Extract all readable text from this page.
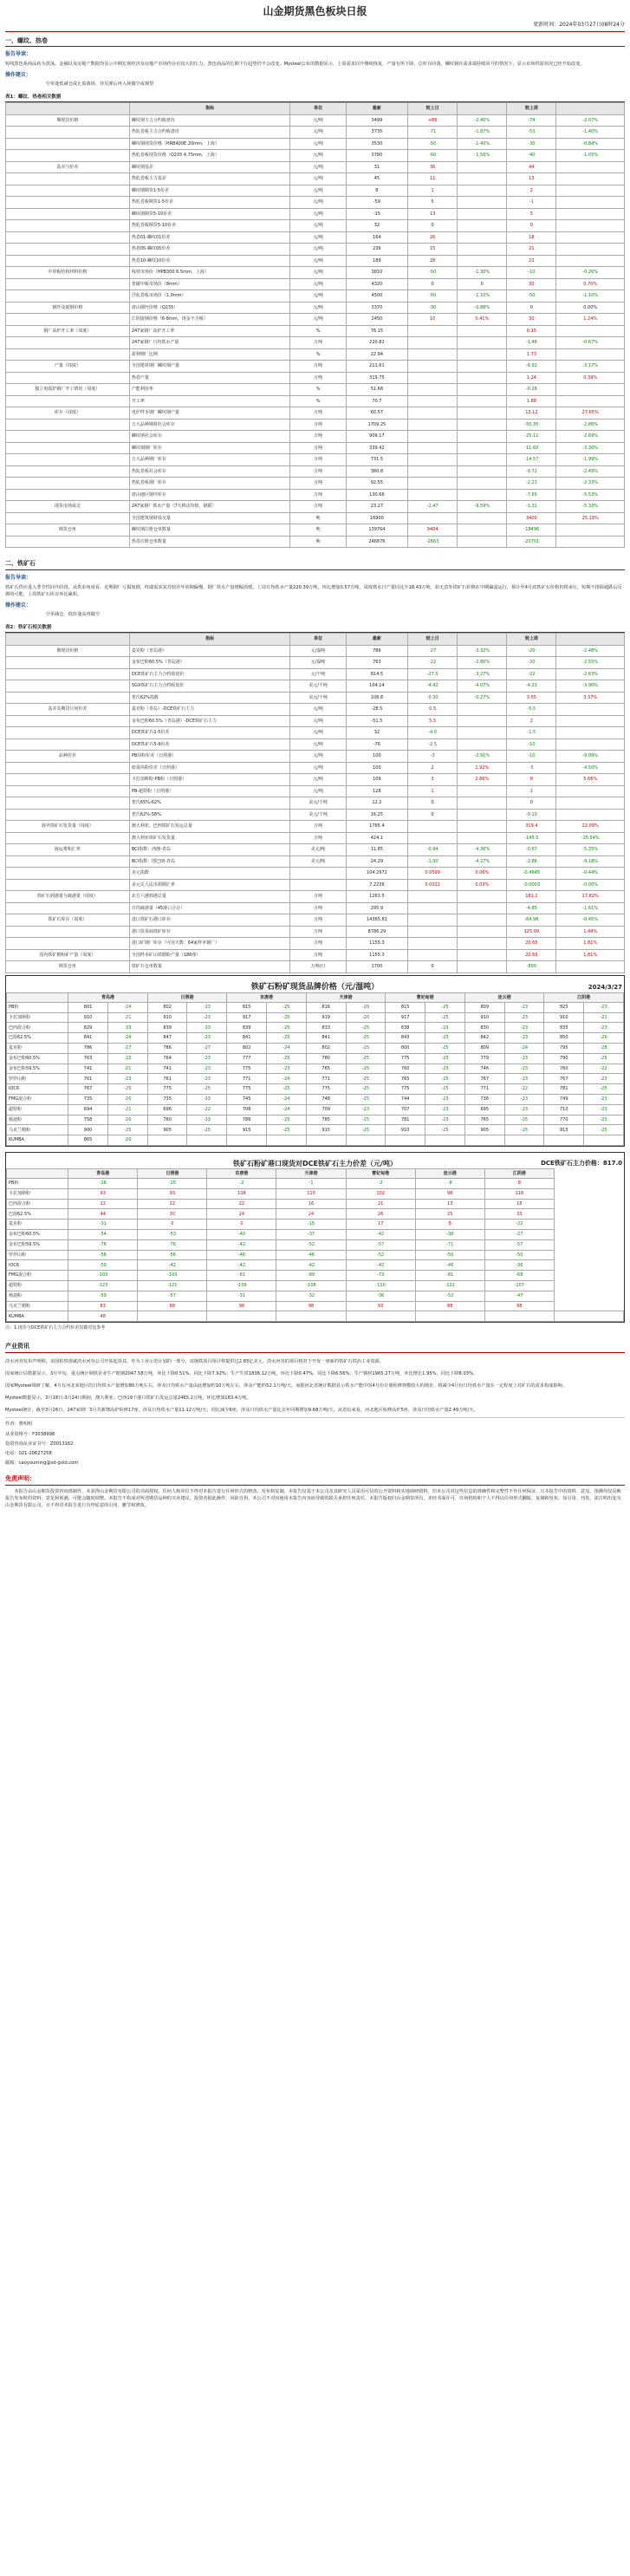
山金期货黑色板块日报
更新时间：2024年03月27日08时24分
一、螺纹、热卷
报告导读：
短线黑色系商品转为震荡。金融以及房地产数据均显示中期宏观经济及房地产市场仍存在较大的压力，黑色商品的长期下行趋势仍不会改变。Mysteel公布的数据显示，上周需求回升继续恢复，产量有所下降，总库存回落。螺纹钢在需求端持续回升的情况下，显示市场供需状况已经开始改变。
操作建议：
空单逢低减仓或止盈离场，待反弹后再入场做空或观望
表1：螺纹、热卷相关数据
	指标	单位	最新	较上日		较上周	
期现货价格	螺纹钢主力合约收盘价	元/吨	3499	+86	-2.40%	-74	-2.07%
	热轧卷板主力合约收盘价	元/吨	3735	-71	-1.87%	-53	-1.40%
	螺纹钢现货价格（HRB400E 20mm，上海）	元/吨	3530	-50	-1.40%	-30	-0.84%
	热轧卷板现货价格（Q235 4.75mm，上海）	元/吨	3780	-60	-1.56%	-40	-1.05%
基差与价差	螺纹钢基差	元/吨	31	36		44	
	热轧卷板主力基差	元/吨	45	11		13	
	螺纹钢期货1-5价差	元/吨	8	1		2	
	热轧卷板期货1-5价差	元/吨	-59	5		-1	
	螺纹钢期货5-10价差	元/吨	-15	13		5	
	热轧卷板期货5-10价差	元/吨	32	0		0	
	热卷01-螺纹01价差	元/吨	164	26		18	
	热卷05-螺纹05价差	元/吨	236	15		21	
	热卷10-螺纹10价差	元/吨	189	28		22	
中厚板结构材料价格	线材市场价（HPB300 6.5mm，上海）	元/吨	3810	-50	-1.30%	-10	-0.26%
	普碳中板市场价（8mm）	元/吨	4320	0	0	30	0.70%
	冷轧卷板市场价（1.0mm）	元/吨	4500	-50	-1.10%	-50	-1.10%
钢坯及废钢价格	唐山钢坯价格（Q235）	元/吨	3370	-30	-0.88%	0	0.00%
	江阴废钢价格（6-8mm，现金不含税）	元/吨	2450	10	0.41%	30	1.24%
钢厂高炉开工率（周度）	247家钢厂高炉开工率	%	76.15			0.15	
	247家钢厂日均铁水产量	万吨	220.82			-1.48	-0.67%
	盈利钢厂比例	%	22.94			1.73	
产量（周度）	全国建材钢厂螺纹钢产量	万吨	211.61			-6.92	-3.17%
	热卷产量	万吨	319.75			1.24	0.39%
独立电弧炉钢厂开工情况（周度）	产能利用率	%	51.68			-0.28	
	开工率	%	70.7			1.88	
库存（周度）	电炉样本钢厂螺纹钢产量	万吨	60.57			13.12	27.65%
	五大品种钢材社会库存	万吨	1709.25			-50.35	-2.86%
	螺纹钢社会库存	万吨	909.17			-25.11	-2.69%
	螺纹钢钢厂库存	万吨	339.42			-11.60	-3.30%
	五大品种钢厂库存	万吨	731.5			-14.57	-1.99%
	热轧卷板社会库存	万吨	380.8			-9.72	-2.49%
	热轧卷板钢厂库存	万吨	92.55			-2.21	-2.33%
	唐山地区钢坯库存	万吨	130.66			-7.65	-5.53%
现货市场成交	247家钢厂铁水产量（7天移动均值，钢联）	万吨	23.27	-2.47	-9.59%	-1.31	-5.33%
	全国建筑钢材成交量	吨	16900			3400	25.19%
期货仓单	螺纹钢注册仓单数量	吨	139764	9404		-18496	
	热卷注册仓单数量	吨	246876	-2663		-20701	
二、铁矿石
报告导读：
铁矿石供应进入季节性回升阶段。从供求角度看，近期钢厂亏损加剧，终端需求复苏较往年同期偏慢，钢厂铁水产量增幅放缓。上周日均铁水产量220.39万吨，环比增加0.57万吨，周度铁水日产量同比少18.43万吨。如无意外铁矿石价格在中期偏弱运行，预计至4月底铁矿石价格仍将承压，短期不排除超跌后反弹的可能，上周铁矿石库存环比累积。
操作建议：
空单减仓、低价逢高再做空
表2：铁矿石相关数据
	指标	单位	最新	较上日		较上周	
期现货价格	麦克粉（青岛港）	元/湿吨	786	-27	-3.32%	-20	-2.48%
	金布巴粉60.5%（青岛港）	元/湿吨	763	-22	-2.80%	-20	-2.55%
	DCE铁矿石主力合约收盘价	元/干吨	814.5	-27.5	-3.27%	-22	-2.63%
	SGX铁矿石主力合约收盘价	美元/干吨	104.14	-4.42	-4.07%	-4.23	-3.90%
	普氏62%指数	美元/干吨	108.8	-0.30	-0.27%	3.55	3.37%
基差及期货月间价差	麦克粉（青岛）-DCE铁矿石主力	元/吨	-28.5	0.5		-5.5	
	金布巴粉60.5%（青岛港）-DCE铁矿石主力	元/吨	-51.5	5.5		2	
	DCE铁矿石1-5价差	元/吨	32	-4.0		-1.5	
	DCE铁矿石5-9价差	元/吨	-76	-2.5		-10	
品种价差	PB块粉价差（日照港）	元/吨	100	-3	-2.91%	-10	-9.09%
	纽曼块粉价差（日照港）	元/吨	100	2	1.92%	-5	-4.50%
	卡拉加斯粉-PB粉（日照港）	元/吨	109	3	2.86%	8	5.66%
	PB-超特粉（日照港）	元/吨	128	1		1	
	普氏65%-62%	美元/干吨	12.2	0		0	
	普氏62%-58%	美元/干吨	16.25	0		-0.10	
海外铁矿石发货量（周度）	澳大利亚、巴西铁矿石发运总量	万吨	1765.4			319.4	22.09%
	澳大利亚铁矿石发货量	万吨	424.1			-145.5	-25.54%
海运费和汇率	BCI指数：西澳-青岛	美元/吨	11.85	-0.94	-4.36%	-0.67	-5.35%
	BCI指数：图巴朗-青岛	美元/吨	24.29	-1.00	-4.27%	-2.86	-9.18%
	美元指数		104.2972	0.0599	0.06%	-0.4645	-0.44%
	美元兑人民币即期汇率		7.2236	0.0022	0.03%	-0.0003	-0.00%
铁矿石到港量与疏港量（周度）	北方六港到港总量	万吨	1263.5			181.1	17.82%
	日均疏港量（45港口合计）	万吨	295.9			-4.85	-1.61%
铁矿石库存（周度）	进口铁矿石港口库存	万吨	14365.81			-64.96	-0.45%
	港口贸易商铁矿库存	万吨	8786.29			125.09	1.44%
	进口矿钢厂库存（可用天数：64家样本钢厂）	万吨	1155.3			20.65	1.81%
国内铁矿精粉矿产量（周度）	全国样本矿山铁精粉产量（186座）	万吨	1155.3			20.65	1.81%
期货仓单	铁矿石仓单数量	万吨/日	1700	0		-800	
铁矿石粉矿现货品牌价格（元/湿吨）	2024/3/27
	青岛港		日照港		京唐港		天津港		曹妃甸港		连云港		江阴港	
PB粉	801	-24	802	-23	815	-25	816	-20	815	-25	809	-23	825	-23
卡拉加斯粉	910	-21	910	-23	917	-25	919	-20	917	-25	910	-23	910	-21
巴西混合粉	829	-33	839	-23	839	-25	833	-25	838	-23	830	-23	835	-23
巴混62.5%	841	-24	847	-23	841	-25	841	-25	843	-23	842	-23	850	-26
麦克粉	786	-27	786	-27	802	-24	802	-25	800	-25	809	-24	795	-28
金布巴粉60.5%	763	-22	764	-23	777	-25	780	-25	775	-23	779	-23	790	-25
金布巴粉59.5%	741	-21	741	-23	775	-23	765	-25	760	-23	746	-23	760	-22
罗伊山粉	761	-23	761	-23	771	-24	771	-25	765	-25	767	-23	767	-23
IOC6	767	-25	775	-25	775	-25	775	-25	775	-25	771	-22	781	-25
FMG混合粉	735	-20	735	-23	745	-24	748	-25	744	-23	736	-23	749	-23
超特粉	694	-21	696	-22	708	-24	709	-23	707	-23	695	-23	710	-23
杨迪粉	758	-20	760	-23	786	-25	785	-25	781	-23	765	-25	770	-23
乌克兰精粉	900	-25	905	-25	915	-25	915	-25	910	-25	905	-25	915	-25
KUMBA	865	-20												
铁矿石粉矿港口现货对DCE铁矿石主力价差（元/吨）	DCE铁矿石主力价格：817.0
	青岛港	日照港	京唐港	天津港	曹妃甸港	连云港	江阴港	
PB粉	-16	-15	-2	-1	-2	-8	8	
卡拉加斯粉	93	93	108	110	102	98	118	
巴西混合粉	12	22	22	16	21	13	18	
巴混62.5%	44	30	24	24	26	25	33	
麦克粉	-31	0	0	-15	17	8	-22	
金布巴粉60.5%	-54	-53	-40	-37	-42	-38	-27	
金布巴粉59.5%	-76	-76	-42	-52	-57	-71	-57	
罗伊山粉	-56	-56	-46	-46	-52	-50	-50	
IOC6	-50	-42	-42	-42	-42	-46	-36	
FMG混合粉	-103	-103	-81	-89	-73	-81	-68	
超特粉	-123	-121	-109	-108	-110	-122	-107	
杨迪粉	-59	-57	-31	-32	-36	-52	-47	
乌克兰精粉	83	88	98	98	93	88	98	
KUMBA	48							
注：1.现货与DCE铁矿石主力合约价差仅做对比参考
产业资讯
淡水河谷发布声明称，美国检察部就淡水河谷公司开始起诉其，作为工业示范计划的一部分，该钢铁项目预计将提供达2.83亿美元。淡水河谷的项目将对于开发一座新的铁矿石铁冶工业资源。
国家统计局数据显示，3月中旬，重点统计钢铁企业生产粗钢2047.58万吨，环比下降0.51%，同比下降7.92%；生产生铁1838.12万吨，环比下降0.47%，同比下降6.56%；生产钢材1965.27万吨，环比增长1.95%，同比下降8.03%。
国家Mysteel调研了解，4月有河北某地区的日均铁水产量增加80万吨左右，涉及日均铁水产量由此增加约10万吨左右，涉及产能约52.1万吨/天。而据河北省统计数据显示铁水产能中国4月份计划检修规模较大的钢企，将减少4月份日均铁水产量在一定程度上对矿石的需求构成影响。
Mysteel数据显示，3月18日-3月24日期间，澳大利亚、巴西19个港口铁矿石发运总量2465.2万吨，环比增加183.4万吨。
Mysteel统计，截至3月26日，247家钢厂3月共新增高炉检修17座，涉及日均铁水产量11.12万吨/天；同比减少6座，涉及日均铁水产量比去年同期增加9.68万吨/天。从省份来看，河北地区检修高炉5座，涉及日均铁水产量2.49万吨/天。
作者：曹明明
从业资格号：F3038998
投资咨询从业证书号：Z0013162
电话：021-20627258
邮箱：caoyouming@sd-gold.com
免责声明：
本报告由山金期货投资咨询部制作，未获得山金期货有限公司的书面授权，任何人和单位不得对本报告进行任何形式的修改、发布和复制。本报告仅基于本公司及其研究人员采用可信的公开资料和实地调研资料，但本公司对这些信息的准确性和完整性不作任何保证，且本报告中的资料、意见、预测均仅反映报告发布时的资料、意见和预测，可能会随时调整。本报告不构成对所述期货品种的买卖建议，投资者据此操作，风险自担。本公司不对因使用本报告内容而导致的损失承担任何责任。本报告版权归山金期货所有，未经书面许可，任何机构和个人不得以任何形式翻版、复制和发布。如引用、刊发，需注明出处为山金期货有限公司，且不得对本报告进行有悖原意的引用、删节和修改。
